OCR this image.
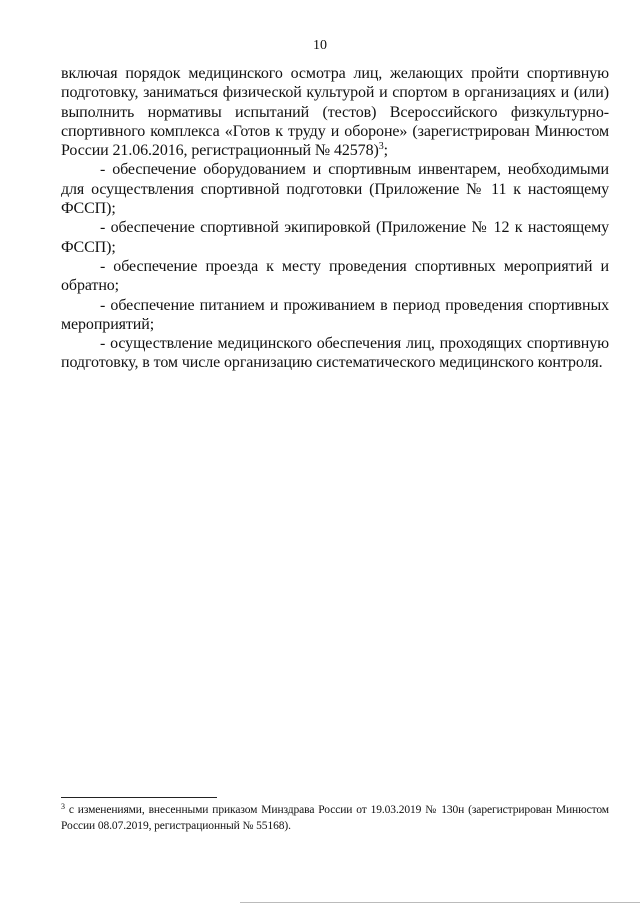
10

включая порядок медицинского осмотра лиц, желающих пройти спортивную подготовку, заниматься физической культурой и спортом в организациях и (или) выполнить нормативы испытаний (тестов) Всероссийского физкультурно-спортивного комплекса «Готов к труду и обороне» (зарегистрирован Минюстом России 21.06.2016, регистрационный № 42578)$^3$;

- обеспечение оборудованием и спортивным инвентарем, необходимыми для осуществления спортивной подготовки (Приложение № 11 к настоящему ФССП);

- обеспечение спортивной экипировкой (Приложение № 12 к настоящему ФССП);

- обеспечение проезда к месту проведения спортивных мероприятий и обратно;

- обеспечение питанием и проживанием в период проведения спортивных мероприятий;

- осуществление медицинского обеспечения лиц, проходящих спортивную подготовку, в том числе организацию систематического медицинского контроля.

$^3$ с изменениями, внесенными приказом Минздрава России от 19.03.2019 № 130н (зарегистрирован Минюстом России 08.07.2019, регистрационный № 55168).
